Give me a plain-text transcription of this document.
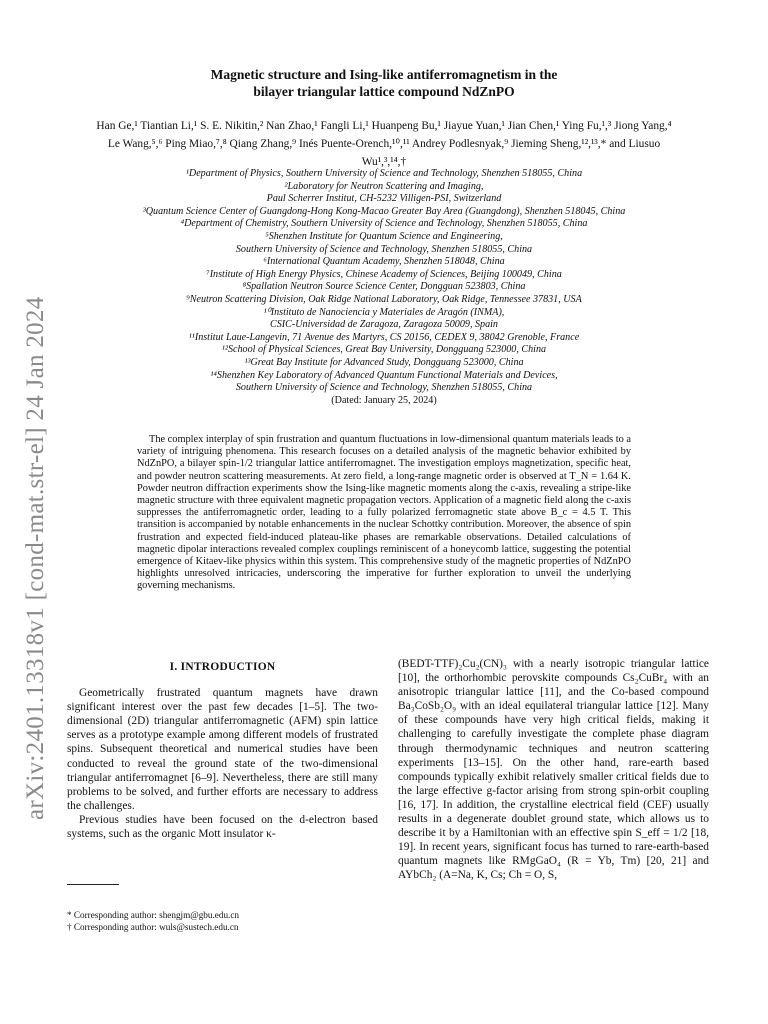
arXiv:2401.13318v1 [cond-mat.str-el] 24 Jan 2024
Magnetic structure and Ising-like antiferromagnetism in the
bilayer triangular lattice compound NdZnPO
Han Ge,¹ Tiantian Li,¹ S. E. Nikitin,² Nan Zhao,¹ Fangli Li,¹ Huanpeng Bu,¹ Jiayue Yuan,¹ Jian Chen,¹ Ying Fu,¹,³ Jiong Yang,⁴ Le Wang,⁵,⁶ Ping Miao,⁷,⁸ Qiang Zhang,⁹ Inés Puente-Orench,¹⁰,¹¹ Andrey Podlesnyak,⁹ Jieming Sheng,¹²,¹³,* and Liusuo Wu¹,³,¹⁴,†
¹Department of Physics, Southern University of Science and Technology, Shenzhen 518055, China
²Laboratory for Neutron Scattering and Imaging,
Paul Scherrer Institut, CH-5232 Villigen-PSI, Switzerland
³Quantum Science Center of Guangdong-Hong Kong-Macao Greater Bay Area (Guangdong), Shenzhen 518045, China
⁴Department of Chemistry, Southern University of Science and Technology, Shenzhen 518055, China
⁵Shenzhen Institute for Quantum Science and Engineering,
Southern University of Science and Technology, Shenzhen 518055, China
⁶International Quantum Academy, Shenzhen 518048, China
⁷Institute of High Energy Physics, Chinese Academy of Sciences, Beijing 100049, China
⁸Spallation Neutron Source Science Center, Dongguan 523803, China
⁹Neutron Scattering Division, Oak Ridge National Laboratory, Oak Ridge, Tennessee 37831, USA
¹⁰Instituto de Nanociencia y Materiales de Aragón (INMA),
CSIC-Universidad de Zaragoza, Zaragoza 50009, Spain
¹¹Institut Laue-Langevin, 71 Avenue des Martyrs, CS 20156, CEDEX 9, 38042 Grenoble, France
¹²School of Physical Sciences, Great Bay University, Dongguang 523000, China
¹³Great Bay Institute for Advanced Study, Dongguang 523000, China
¹⁴Shenzhen Key Laboratory of Advanced Quantum Functional Materials and Devices,
Southern University of Science and Technology, Shenzhen 518055, China
(Dated: January 25, 2024)

The complex interplay of spin frustration and quantum fluctuations in low-dimensional quantum materials leads to a variety of intriguing phenomena. This research focuses on a detailed analysis of the magnetic behavior exhibited by NdZnPO, a bilayer spin-1/2 triangular lattice antiferromagnet. The investigation employs magnetization, specific heat, and powder neutron scattering measurements. At zero field, a long-range magnetic order is observed at T_N = 1.64 K. Powder neutron diffraction experiments show the Ising-like magnetic moments along the c-axis, revealing a stripe-like magnetic structure with three equivalent magnetic propagation vectors. Application of a magnetic field along the c-axis suppresses the antiferromagnetic order, leading to a fully polarized ferromagnetic state above B_c = 4.5 T. This transition is accompanied by notable enhancements in the nuclear Schottky contribution. Moreover, the absence of spin frustration and expected field-induced plateau-like phases are remarkable observations. Detailed calculations of magnetic dipolar interactions revealed complex couplings reminiscent of a honeycomb lattice, suggesting the potential emergence of Kitaev-like physics within this system. This comprehensive study of the magnetic properties of NdZnPO highlights unresolved intricacies, underscoring the imperative for further exploration to unveil the underlying governing mechanisms.

I. INTRODUCTION

Geometrically frustrated quantum magnets have drawn significant interest over the past few decades [1–5]. The two-dimensional (2D) triangular antiferromagnetic (AFM) spin lattice serves as a prototype example among different models of frustrated spins. Subsequent theoretical and numerical studies have been conducted to reveal the ground state of the two-dimensional triangular antiferromagnet [6–9]. Nevertheless, there are still many problems to be solved, and further efforts are necessary to address the challenges.

Previous studies have been focused on the d-electron based systems, such as the organic Mott insulator κ-

(BEDT-TTF)₂Cu₂(CN)₃ with a nearly isotropic triangular lattice [10], the orthorhombic perovskite compounds Cs₂CuBr₄ with an anisotropic triangular lattice [11], and the Co-based compound Ba₃CoSb₂O₉ with an ideal equilateral triangular lattice [12]. Many of these compounds have very high critical fields, making it challenging to carefully investigate the complete phase diagram through thermodynamic techniques and neutron scattering experiments [13–15]. On the other hand, rare-earth based compounds typically exhibit relatively smaller critical fields due to the large effective g-factor arising from strong spin-orbit coupling [16, 17]. In addition, the crystalline electrical field (CEF) usually results in a degenerate doublet ground state, which allows us to describe it by a Hamiltonian with an effective spin S_eff = 1/2 [18, 19]. In recent years, significant focus has turned to rare-earth-based quantum magnets like RMgGaO₄ (R = Yb, Tm) [20, 21] and AYbCh₂ (A=Na, K, Cs; Ch = O, S,

* Corresponding author: shengjm@gbu.edu.cn
† Corresponding author: wuls@sustech.edu.cn
